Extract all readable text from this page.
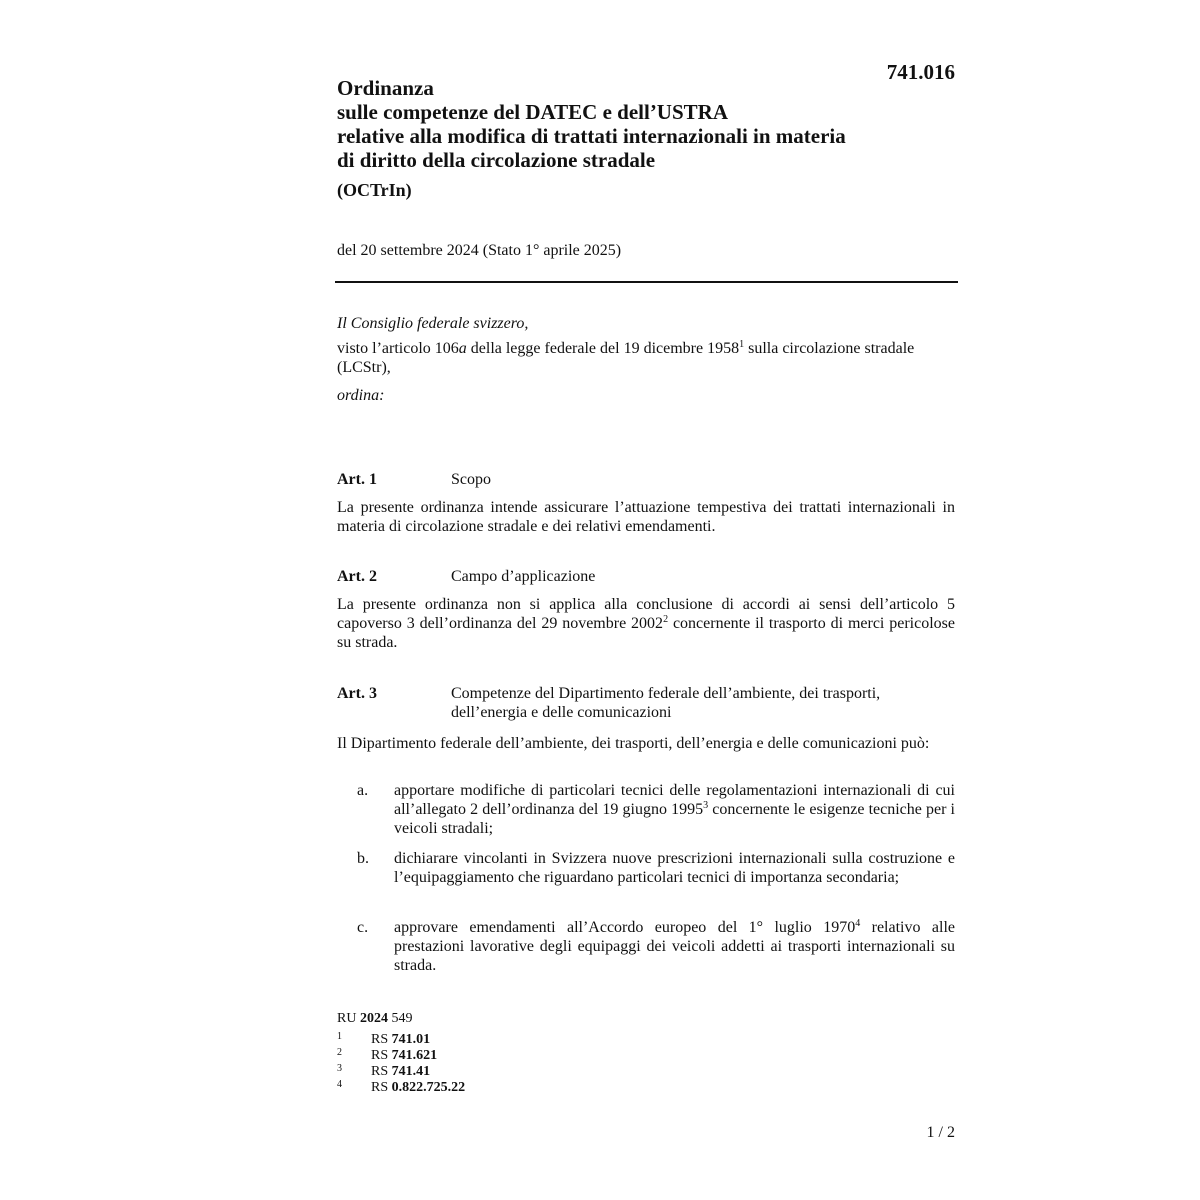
741.016
Ordinanza
sulle competenze del DATEC e dell’USTRA
relative alla modifica di trattati internazionali in materia
di diritto della circolazione stradale
(OCTrIn)
del 20 settembre 2024 (Stato 1° aprile 2025)
Il Consiglio federale svizzero,
visto l’articolo 106a della legge federale del 19 dicembre 1958$^1$ sulla circolazione stradale (LCStr),
ordina:
Art. 1	Scopo
La presente ordinanza intende assicurare l’attuazione tempestiva dei trattati internazionali in materia di circolazione stradale e dei relativi emendamenti.
Art. 2	Campo d’applicazione
La presente ordinanza non si applica alla conclusione di accordi ai sensi dell’articolo 5 capoverso 3 dell’ordinanza del 29 novembre 2002$^2$ concernente il trasporto di merci pericolose su strada.
Art. 3	Competenze del Dipartimento federale dell’ambiente, dei trasporti, dell’energia e delle comunicazioni
Il Dipartimento federale dell’ambiente, dei trasporti, dell’energia e delle comunicazioni può:
a. apportare modifiche di particolari tecnici delle regolamentazioni internazionali di cui all’allegato 2 dell’ordinanza del 19 giugno 1995$^3$ concernente le esigenze tecniche per i veicoli stradali;
b. dichiarare vincolanti in Svizzera nuove prescrizioni internazionali sulla costruzione e l’equipaggiamento che riguardano particolari tecnici di importanza secondaria;
c. approvare emendamenti all’Accordo europeo del 1° luglio 1970$^4$ relativo alle prestazioni lavorative degli equipaggi dei veicoli addetti ai trasporti internazionali su strada.
RU 2024 549
1 RS 741.01
2 RS 741.621
3 RS 741.41
4 RS 0.822.725.22
1 / 2
